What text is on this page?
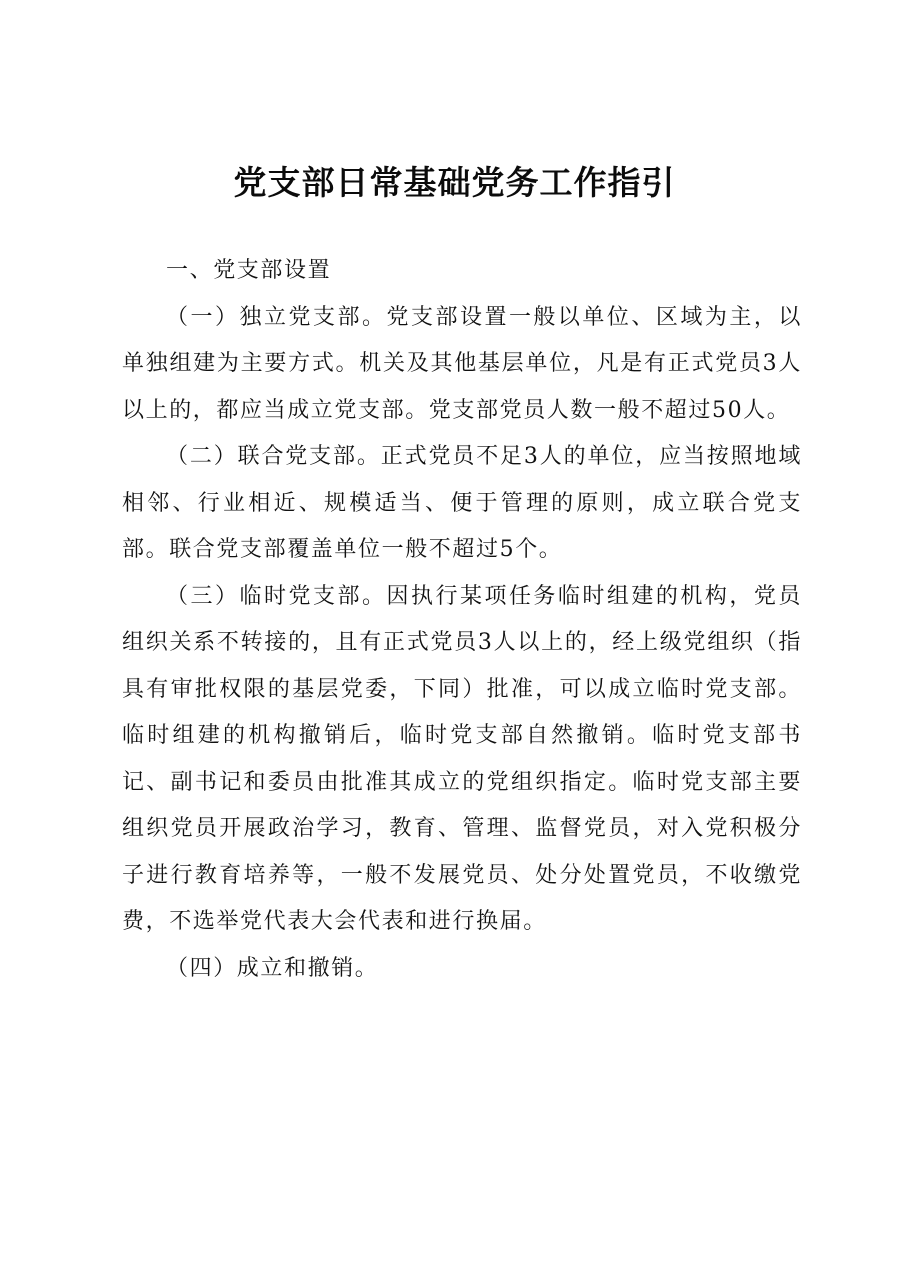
党支部日常基础党务工作指引

一、党支部设置

（一）独立党支部。党支部设置一般以单位、区域为主，以单独组建为主要方式。机关及其他基层单位，凡是有正式党员3人以上的，都应当成立党支部。党支部党员人数一般不超过50人。

（二）联合党支部。正式党员不足3人的单位，应当按照地域相邻、行业相近、规模适当、便于管理的原则，成立联合党支部。联合党支部覆盖单位一般不超过5个。

（三）临时党支部。因执行某项任务临时组建的机构，党员组织关系不转接的，且有正式党员3人以上的，经上级党组织（指具有审批权限的基层党委，下同）批准，可以成立临时党支部。临时组建的机构撤销后，临时党支部自然撤销。临时党支部书记、副书记和委员由批准其成立的党组织指定。临时党支部主要组织党员开展政治学习，教育、管理、监督党员，对入党积极分子进行教育培养等，一般不发展党员、处分处置党员，不收缴党费，不选举党代表大会代表和进行换届。

（四）成立和撤销。
